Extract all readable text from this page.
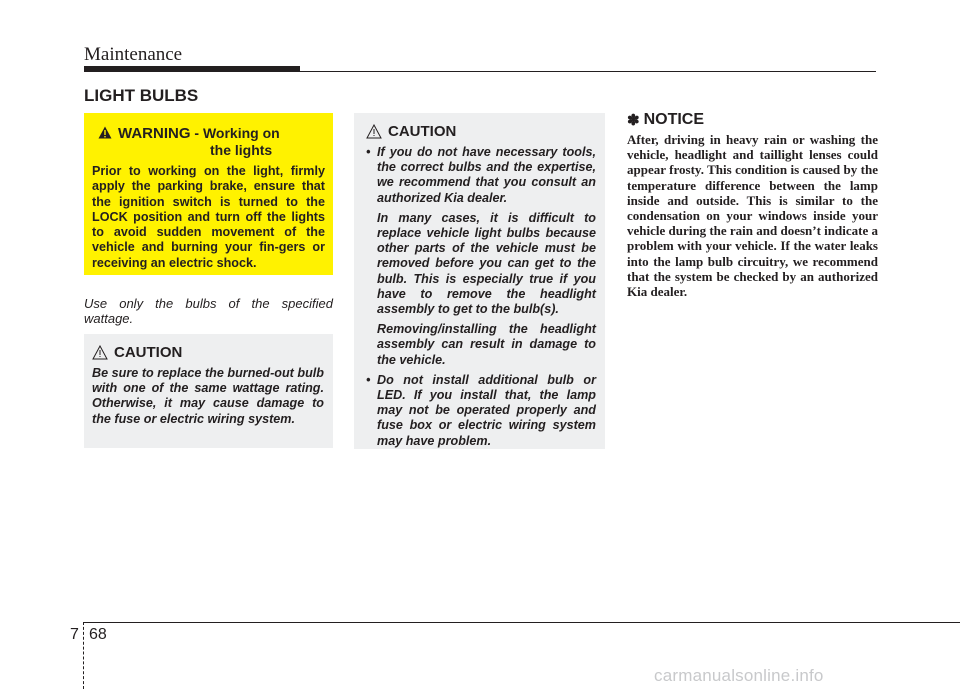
Maintenance
LIGHT BULBS
WARNING - Working on
the lights
Prior to working on the light, firmly apply the parking brake, ensure that the ignition switch is turned to the LOCK position and turn off the lights to avoid sudden movement of the vehicle and burning your fin-gers or receiving an electric shock.
Use only the bulbs of the specified wattage.
CAUTION
Be sure to replace the burned-out bulb with one of the same wattage rating. Otherwise, it may cause damage to the fuse or electric wiring system.
CAUTION

• If you do not have necessary tools, the correct bulbs and the expertise, we recommend that you consult an authorized Kia dealer.

In many cases, it is difficult to replace vehicle light bulbs because other parts of the vehicle must be removed before you can get to the bulb. This is especially true if you have to remove the headlight assembly to get to the bulb(s).

Removing/installing the headlight assembly can result in damage to the vehicle.

• Do not install additional bulb or LED. If you install that, the lamp may not be operated properly and fuse box or electric wiring system may have problem.

✽ NOTICE
After, driving in heavy rain or washing the vehicle, headlight and taillight lenses could appear frosty. This condition is caused by the temperature difference between the lamp inside and outside. This is similar to the condensation on your windows inside your vehicle during the rain and doesn’t indicate a problem with your vehicle. If the water leaks into the lamp bulb circuitry, we recommend that the system be checked by an authorized Kia dealer.
7 68
carmanualsonline.info
